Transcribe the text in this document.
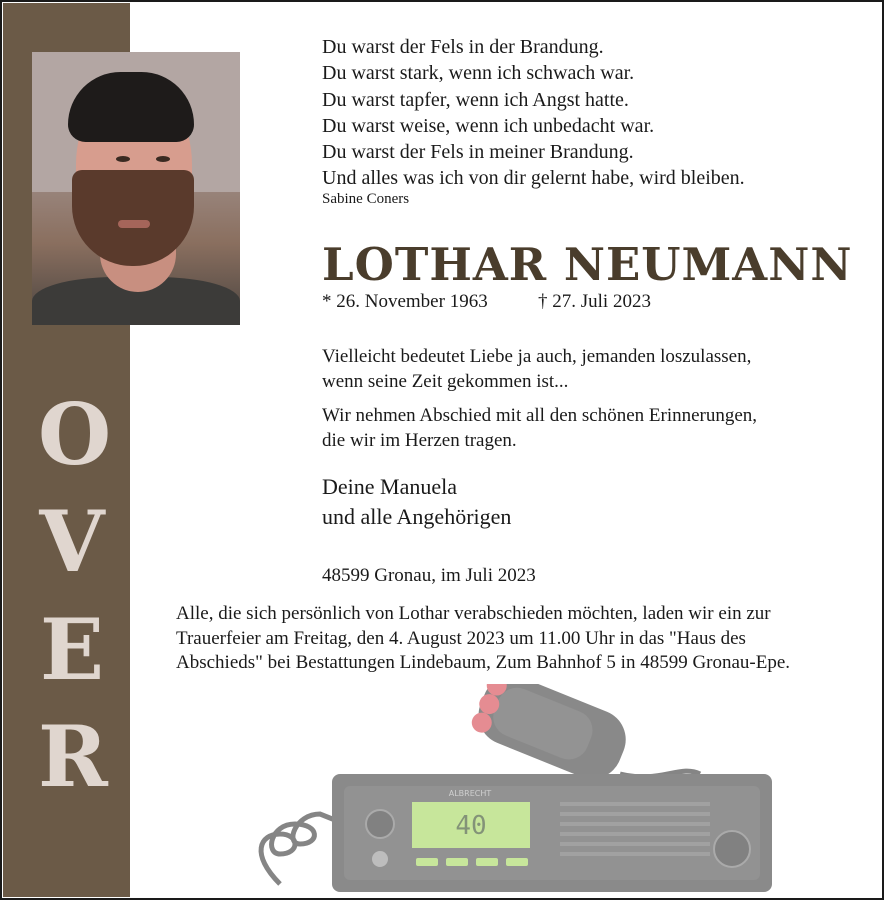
O
V
E
R
Du warst der Fels in der Brandung.
Du warst stark, wenn ich schwach war.
Du warst tapfer, wenn ich Angst hatte.
Du warst weise, wenn ich unbedacht war.
Du warst der Fels in meiner Brandung.
Und alles was ich von dir gelernt habe, wird bleiben.
Sabine Coners
LOTHAR NEUMANN
* 26. November 1963	† 27. Juli 2023
Vielleicht bedeutet Liebe ja auch, jemanden loszulassen,
wenn seine Zeit gekommen ist...
Wir nehmen Abschied mit all den schönen Erinnerungen,
die wir im Herzen tragen.
Deine Manuela
und alle Angehörigen
48599 Gronau, im Juli 2023
Alle, die sich persönlich von Lothar verabschieden möchten, laden wir ein zur
Trauerfeier am Freitag, den 4. August 2023 um 11.00 Uhr in das "Haus des
Abschieds" bei Bestattungen Lindebaum, Zum Bahnhof 5 in 48599 Gronau-Epe.
40
ALBRECHT
